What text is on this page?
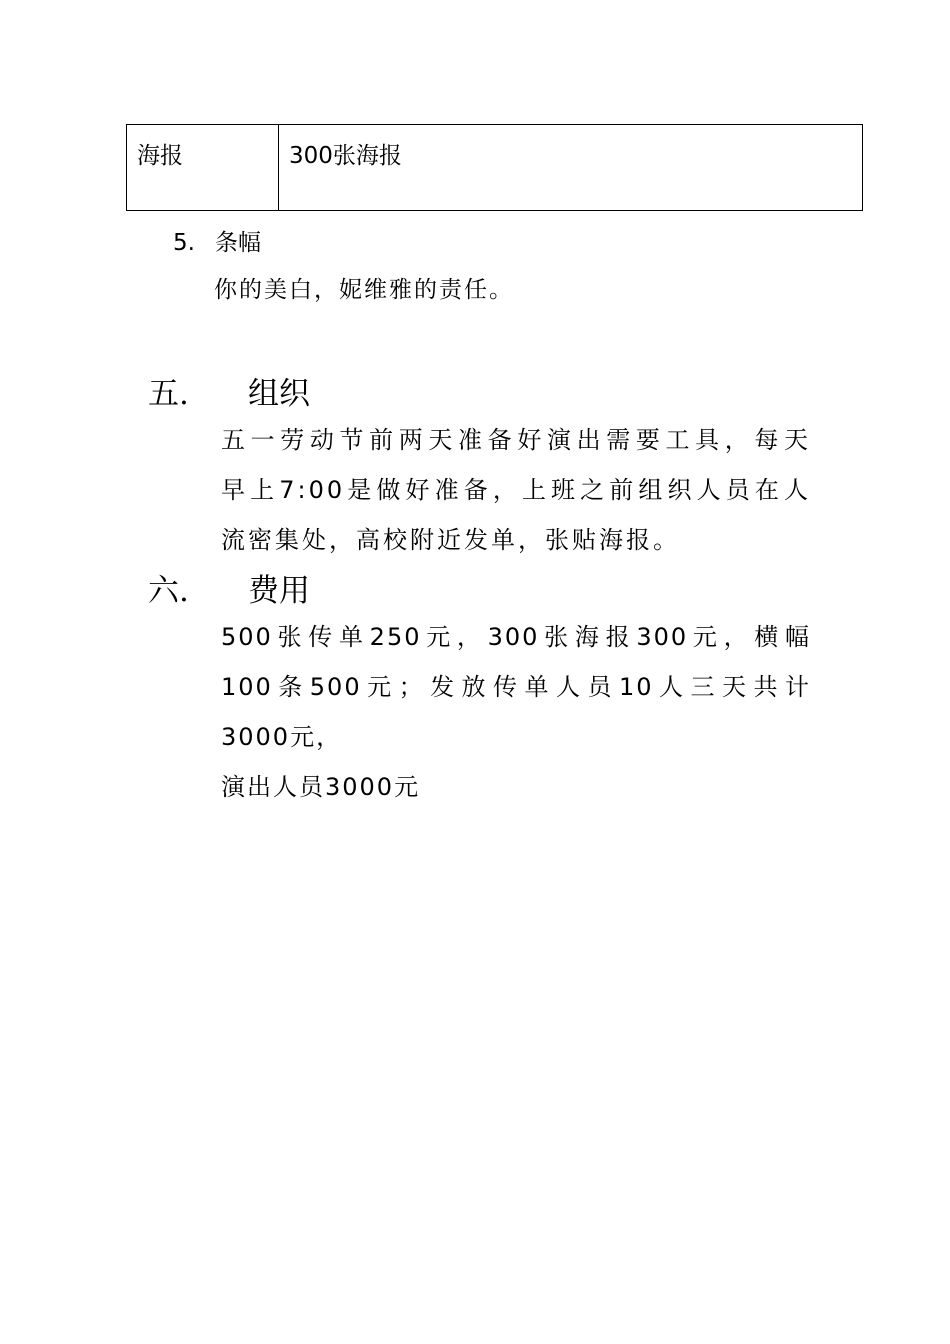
海报	300张海报
5. 条幅
你的美白，妮维雅的责任。
五. 组织

五一劳动节前两天准备好演出需要工具，每天

早上7:00是做好准备，上班之前组织人员在人

流密集处，高校附近发单，张贴海报。

六. 费用

500张传单250元，300张海报300元，横幅

100条500元；发放传单人员10人三天共计

3000元，

演出人员3000元
